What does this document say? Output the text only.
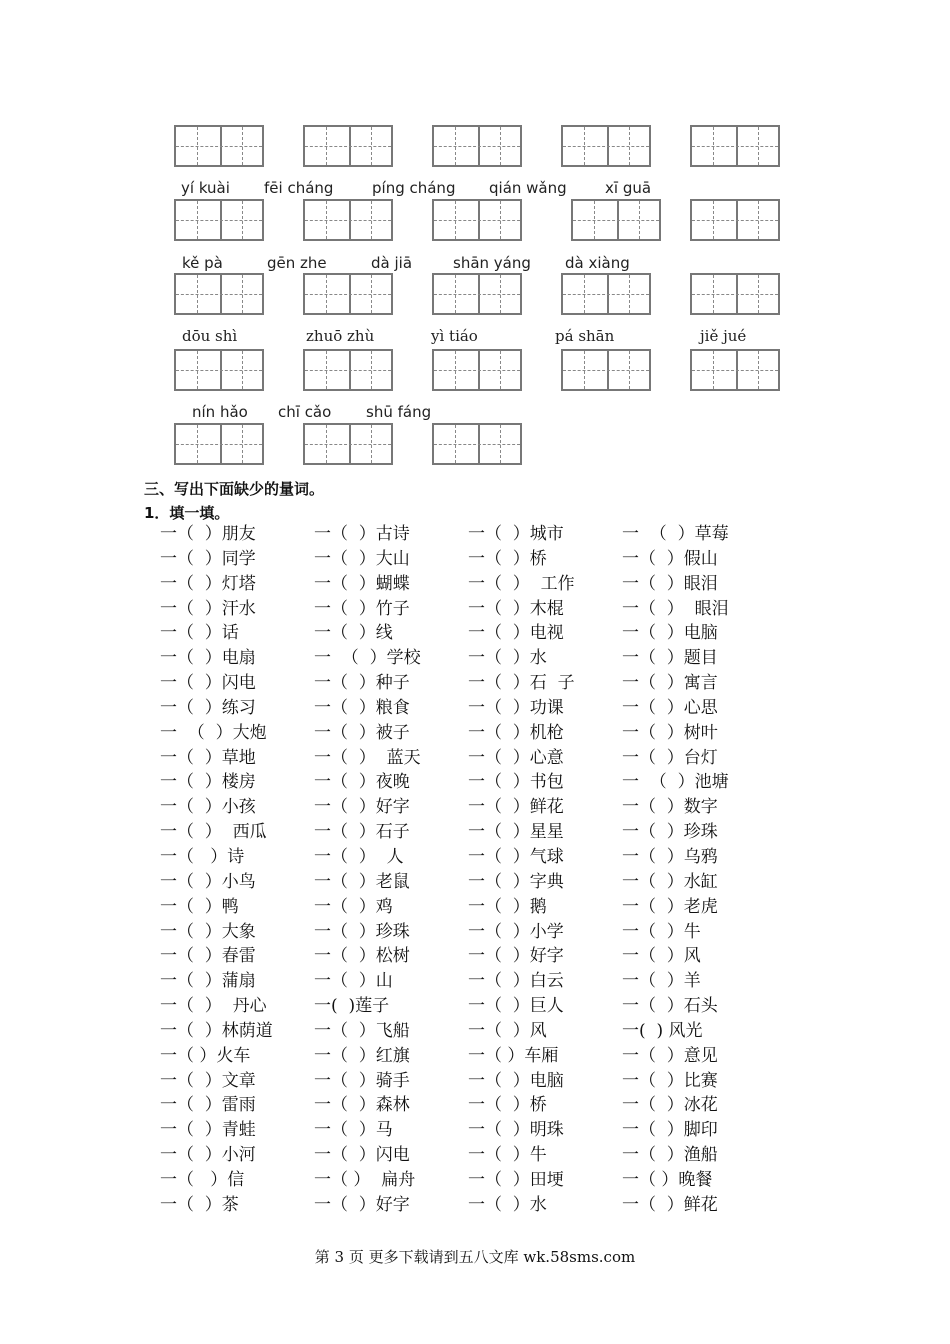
yí kuài fēi cháng	píng cháng qián wǎng	xī guā
kě pà	gēn zhe	dà jiā	shān yáng dà xiàng
dōu shì	zhuō zhù	yì tiáo	pá shān	jiě jué
nín hǎo chī cǎo shū fáng
三、写出下面缺少的量词。
1．填一填。
一（  ）朋友	一（  ）古诗	一（  ）城市	一  （  ）草莓
一（  ）同学	一（  ）大山	一（  ）桥	一（  ）假山
一（  ）灯塔	一（  ）蝴蝶	一（  ）  工作	一（  ）眼泪
一（  ）汗水	一（  ）竹子	一（  ）木棍	一（  ）  眼泪
一（  ）话	一（  ）线	一（  ）电视	一（  ）电脑
一（  ）电扇	一  （  ）学校	一（  ）水	一（  ）题目
一（  ）闪电	一（  ）种子	一（  ）石  子	一（  ）寓言
一（  ）练习	一（  ）粮食	一（  ）功课	一（  ）心思
一  （  ）大炮	一（  ）被子	一（  ）机枪	一（  ）树叶
一（  ）草地	一（  ）  蓝天	一（  ）心意	一（  ）台灯
一（  ）楼房	一（  ）夜晚	一（  ）书包	一  （  ）池塘
一（  ）小孩	一（  ）好字	一（  ）鲜花	一（  ）数字
一（  ）  西瓜	一（  ）石子	一（  ）星星	一（  ）珍珠
一（   ）诗	一（  ）  人	一（  ）气球	一（  ）乌鸦
一（  ）小鸟	一（  ）老鼠	一（  ）字典	一（  ）水缸
一（  ）鸭	一（  ）鸡	一（  ）鹅	一（  ）老虎
一（  ）大象	一（  ）珍珠	一（  ）小学	一（  ）牛
一（  ）春雷	一（  ）松树	一（  ）好字	一（  ）风
一（  ）蒲扇	一（  ）山	一（  ）白云	一（  ）羊
一（  ）  丹心	一(  )莲子	一（  ）巨人	一（  ）石头
一（  ）林荫道 一（  ）飞船	一（  ）风	一(  ) 风光
一（ ）火车	一（  ）红旗	一（ ）车厢	一（  ）意见
一（  ）文章	一（  ）骑手	一（  ）电脑	一（  ）比赛
一（  ）雷雨	一（  ）森林	一（  ）桥	一（  ）冰花
一（  ）青蛙	一（  ）马	一（  ）明珠	一（  ）脚印
一（  ）小河	一（  ）闪电	一（  ）牛	一（  ）渔船
一（   ）信	一（ ）  扁舟	一（  ）田埂	一（ ）晚餐
一（  ）茶	一（  ）好字	一（  ）水	一（  ）鲜花
第 3 页 更多下载请到五八文库 wk.58sms.com
